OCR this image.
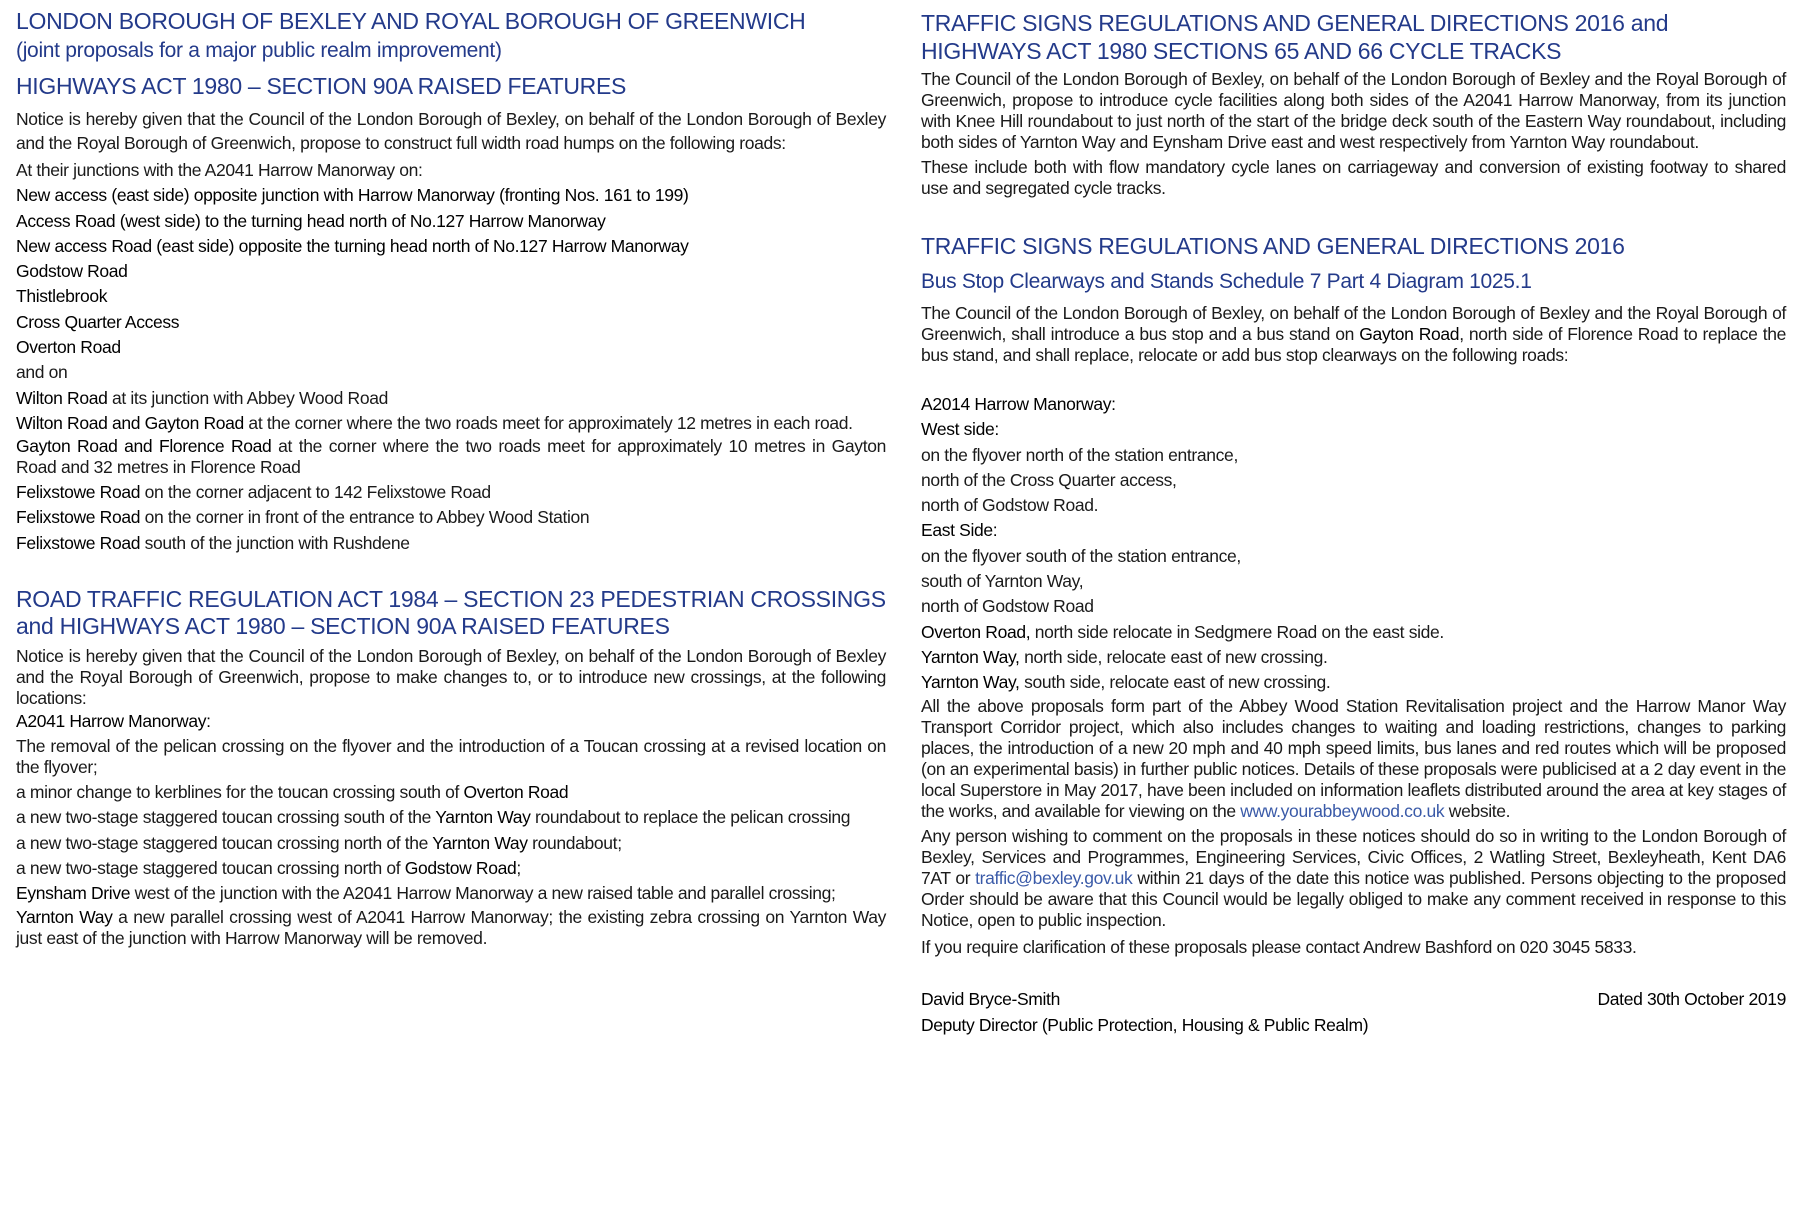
LONDON BOROUGH OF BEXLEY AND ROYAL BOROUGH OF GREENWICH
(joint proposals for a major public realm improvement)
HIGHWAYS ACT 1980 – SECTION 90A RAISED FEATURES

Notice is hereby given that the Council of the London Borough of Bexley, on behalf of the London Borough of Bexley and the Royal Borough of Greenwich, propose to construct full width road humps on the following roads:

At their junctions with the A2041 Harrow Manorway on:
New access (east side) opposite junction with Harrow Manorway (fronting Nos. 161 to 199)
Access Road (west side) to the turning head north of No.127 Harrow Manorway
New access Road (east side) opposite the turning head north of No.127 Harrow Manorway
Godstow Road
Thistlebrook
Cross Quarter Access
Overton Road
and on
Wilton Road at its junction with Abbey Wood Road
Wilton Road and Gayton Road at the corner where the two roads meet for approximately 12 metres in each road.
Gayton Road and Florence Road at the corner where the two roads meet for approximately 10 metres in Gayton Road and 32 metres in Florence Road
Felixstowe Road on the corner adjacent to 142 Felixstowe Road
Felixstowe Road on the corner in front of the entrance to Abbey Wood Station
Felixstowe Road south of the junction with Rushdene
ROAD TRAFFIC REGULATION ACT 1984 – SECTION 23 PEDESTRIAN CROSSINGS
and HIGHWAYS ACT 1980 – SECTION 90A RAISED FEATURES

Notice is hereby given that the Council of the London Borough of Bexley, on behalf of the London Borough of Bexley and the Royal Borough of Greenwich, propose to make changes to, or to introduce new crossings, at the following locations:

A2041 Harrow Manorway:
The removal of the pelican crossing on the flyover and the introduction of a Toucan crossing at a revised location on the flyover;
a minor change to kerblines for the toucan crossing south of Overton Road
a new two-stage staggered toucan crossing south of the Yarnton Way roundabout to replace the pelican crossing
a new two-stage staggered toucan crossing north of the Yarnton Way roundabout;
a new two-stage staggered toucan crossing north of Godstow Road;
Eynsham Drive west of the junction with the A2041 Harrow Manorway a new raised table and parallel crossing;
Yarnton Way a new parallel crossing west of A2041 Harrow Manorway; the existing zebra crossing on Yarnton Way just east of the junction with Harrow Manorway will be removed.
TRAFFIC SIGNS REGULATIONS AND GENERAL DIRECTIONS 2016 and HIGHWAYS ACT 1980 SECTIONS 65 AND 66 CYCLE TRACKS

The Council of the London Borough of Bexley, on behalf of the London Borough of Bexley and the Royal Borough of Greenwich, propose to introduce cycle facilities along both sides of the A2041 Harrow Manorway, from its junction with Knee Hill roundabout to just north of the start of the bridge deck south of the Eastern Way roundabout, including both sides of Yarnton Way and Eynsham Drive east and west respectively from Yarnton Way roundabout.

These include both with flow mandatory cycle lanes on carriageway and conversion of existing footway to shared use and segregated cycle tracks.

TRAFFIC SIGNS REGULATIONS AND GENERAL DIRECTIONS 2016
Bus Stop Clearways and Stands Schedule 7 Part 4 Diagram 1025.1

The Council of the London Borough of Bexley, on behalf of the London Borough of Bexley and the Royal Borough of Greenwich, shall introduce a bus stop and a bus stand on Gayton Road, north side of Florence Road to replace the bus stand, and shall replace, relocate or add bus stop clearways on the following roads:

A2014 Harrow Manorway:
West side:
on the flyover north of the station entrance,
north of the Cross Quarter access,
north of Godstow Road.
East Side:
on the flyover south of the station entrance,
south of Yarnton Way,
north of Godstow Road
Overton Road, north side relocate in Sedgmere Road on the east side.
Yarnton Way, north side, relocate east of new crossing.
Yarnton Way, south side, relocate east of new crossing.

All the above proposals form part of the Abbey Wood Station Revitalisation project and the Harrow Manor Way Transport Corridor project, which also includes changes to waiting and loading restrictions, changes to parking places, the introduction of a new 20 mph and 40 mph speed limits, bus lanes and red routes which will be proposed (on an experimental basis) in further public notices. Details of these proposals were publicised at a 2 day event in the local Superstore in May 2017, have been included on information leaflets distributed around the area at key stages of the works, and available for viewing on the www.yourabbeywood.co.uk website.

Any person wishing to comment on the proposals in these notices should do so in writing to the London Borough of Bexley, Services and Programmes, Engineering Services, Civic Offices, 2 Watling Street, Bexleyheath, Kent DA6 7AT or traffic@bexley.gov.uk within 21 days of the date this notice was published. Persons objecting to the proposed Order should be aware that this Council would be legally obliged to make any comment received in response to this Notice, open to public inspection.

If you require clarification of these proposals please contact Andrew Bashford on 020 3045 5833.

David Bryce-Smith	Dated 30th October 2019
Deputy Director (Public Protection, Housing & Public Realm)
